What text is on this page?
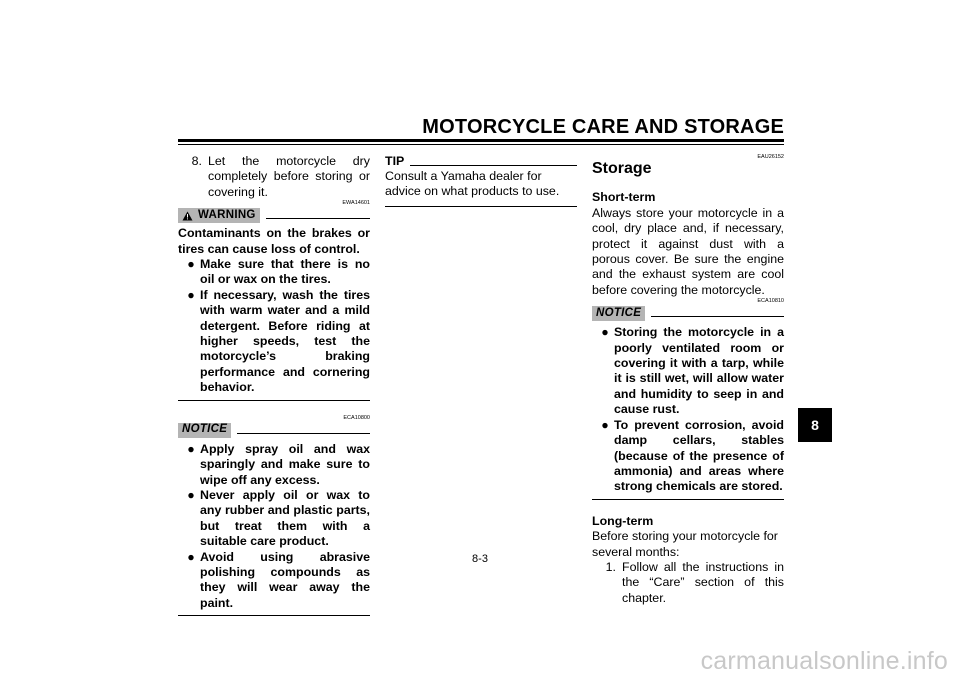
MOTORCYCLE CARE AND STORAGE
8
8. Let the motorcycle dry completely before storing or covering it.
EWA14601
WARNING
Contaminants on the brakes or tires can cause loss of control.
● Make sure that there is no oil or wax on the tires.
● If necessary, wash the tires with warm water and a mild detergent. Before riding at higher speeds, test the motorcycle’s braking performance and cornering behavior.
ECA10800
NOTICE
● Apply spray oil and wax sparingly and make sure to wipe off any excess.
● Never apply oil or wax to any rubber and plastic parts, but treat them with a suitable care product.
● Avoid using abrasive polishing compounds as they will wear away the paint.
TIP
Consult a Yamaha dealer for advice on what products to use.
EAU26152
Storage
Short-term
Always store your motorcycle in a cool, dry place and, if necessary, protect it against dust with a porous cover. Be sure the engine and the exhaust system are cool before covering the motorcycle.
ECA10810
NOTICE
● Storing the motorcycle in a poorly ventilated room or covering it with a tarp, while it is still wet, will allow water and humidity to seep in and cause rust.
● To prevent corrosion, avoid damp cellars, stables (because of the presence of ammonia) and areas where strong chemicals are stored.
Long-term
Before storing your motorcycle for several months:
1. Follow all the instructions in the “Care” section of this chapter.
8-3
carmanualsonline.info
